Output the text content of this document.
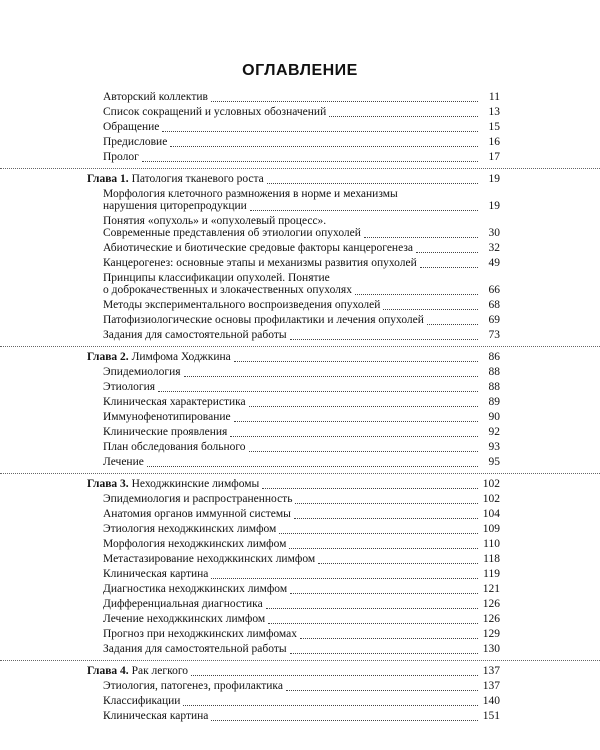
ОГЛАВЛЕНИЕ
Авторский коллектив	11
Список сокращений и условных обозначений	13
Обращение	15
Предисловие	16
Пролог	17
Глава 1. Патология тканевого роста	19
Морфология клеточного размножения в норме и механизмы
нарушения циторепродукции	19
Понятия «опухоль» и «опухолевый процесс».
Современные представления об этиологии опухолей	30
Абиотические и биотические средовые факторы канцерогенеза	32
Канцерогенез: основные этапы и механизмы развития опухолей	49
Принципы классификации опухолей. Понятие
о доброкачественных и злокачественных опухолях	66
Методы экспериментального воспроизведения опухолей	68
Патофизиологические основы профилактики и лечения опухолей	69
Задания для самостоятельной работы	73
Глава 2. Лимфома Ходжкина	86
Эпидемиология	88
Этиология	88
Клиническая характеристика	89
Иммунофенотипирование	90
Клинические проявления	92
План обследования больного	93
Лечение	95
Глава 3. Неходжкинские лимфомы	102
Эпидемиология и распространенность	102
Анатомия органов иммунной системы	104
Этиология неходжкинских лимфом	109
Морфология неходжкинских лимфом	110
Метастазирование неходжкинских лимфом	118
Клиническая картина	119
Диагностика неходжкинских лимфом	121
Дифференциальная диагностика	126
Лечение неходжкинских лимфом	126
Прогноз при неходжкинских лимфомах	129
Задания для самостоятельной работы	130
Глава 4. Рак легкого	137
Этиология, патогенез, профилактика	137
Классификации	140
Клиническая картина	151
